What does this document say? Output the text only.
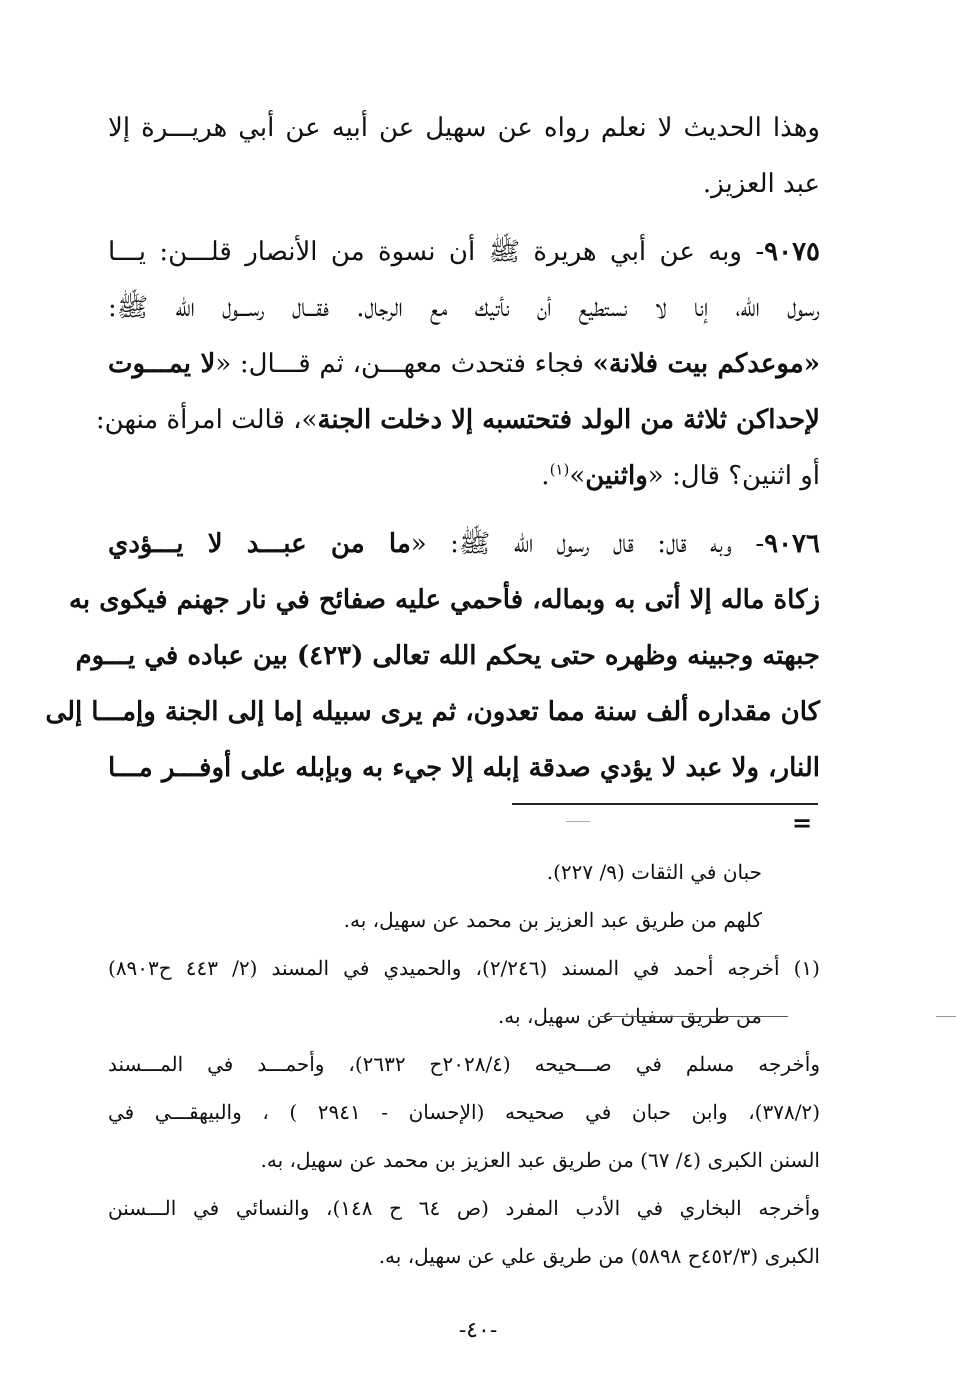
وهذا الحديث لا نعلم رواه عن سهيل عن أبيه عن أبي هريـــرة إلا
عبد العزيز.
٩٠٧٥- وبه عن أبي هريرة ﷺ أن نسوة من الأنصار قلـــن: يـــا
رسول الله، إنا لا نستطيع أن نأتيك مع الرجال. فقـــال رســـول الله ﷺ:
«موعدكم بيت فلانة» فجاء فتحدث معهـــن، ثم قـــال: «لا يمـــوت
لإحداكن ثلاثة من الولد فتحتسبه إلا دخلت الجنة»، قالت امرأة منهن:
أو اثنين؟ قال: «واثنين»$^{(١)}$.
٩٠٧٦- وبه قال: قال رسول الله ﷺ: «ما من عبـــد لا يـــؤدي
زكاة ماله إلا أتى به وبماله، فأحمي عليه صفائح في نار جهنم فيكوى به
جبهته وجبينه وظهره حتى يحكم الله تعالى (٤٢٣) بين عباده في يـــوم
كان مقداره ألف سنة مما تعدون، ثم يرى سبيله إما إلى الجنة وإمـــا إلى
النار، ولا عبد لا يؤدي صدقة إبله إلا جيء به وبإبله على أوفـــر مـــا
=
حبان في الثقات (٩/ ٢٢٧).
كلهم من طريق عبد العزيز بن محمد عن سهيل، به.
(١) أخرجه أحمد في المسند (٢/٢٤٦)، والحميدي في المسند (٢/ ٤٤٣ ح٨٩٠٣)
من طريق سفيان عن سهيل، به.
وأخرجه مسلم في صـــحيحه (٢٠٢٨/٤ح ٢٦٣٢)، وأحمـــد في المـــسند
(٣٧٨/٢)، وابن حبان في صحيحه (الإحسان - ٢٩٤١ ) ، والبيهقـــي في
السنن الكبرى (٤/ ٦٧) من طريق عبد العزيز بن محمد عن سهيل، به.
وأخرجه البخاري في الأدب المفرد (ص ٦٤ ح ١٤٨)، والنسائي في الـــسنن
الكبرى (٤٥٢/٣ح ٥٨٩٨) من طريق علي عن سهيل، به.
-٤٠-
